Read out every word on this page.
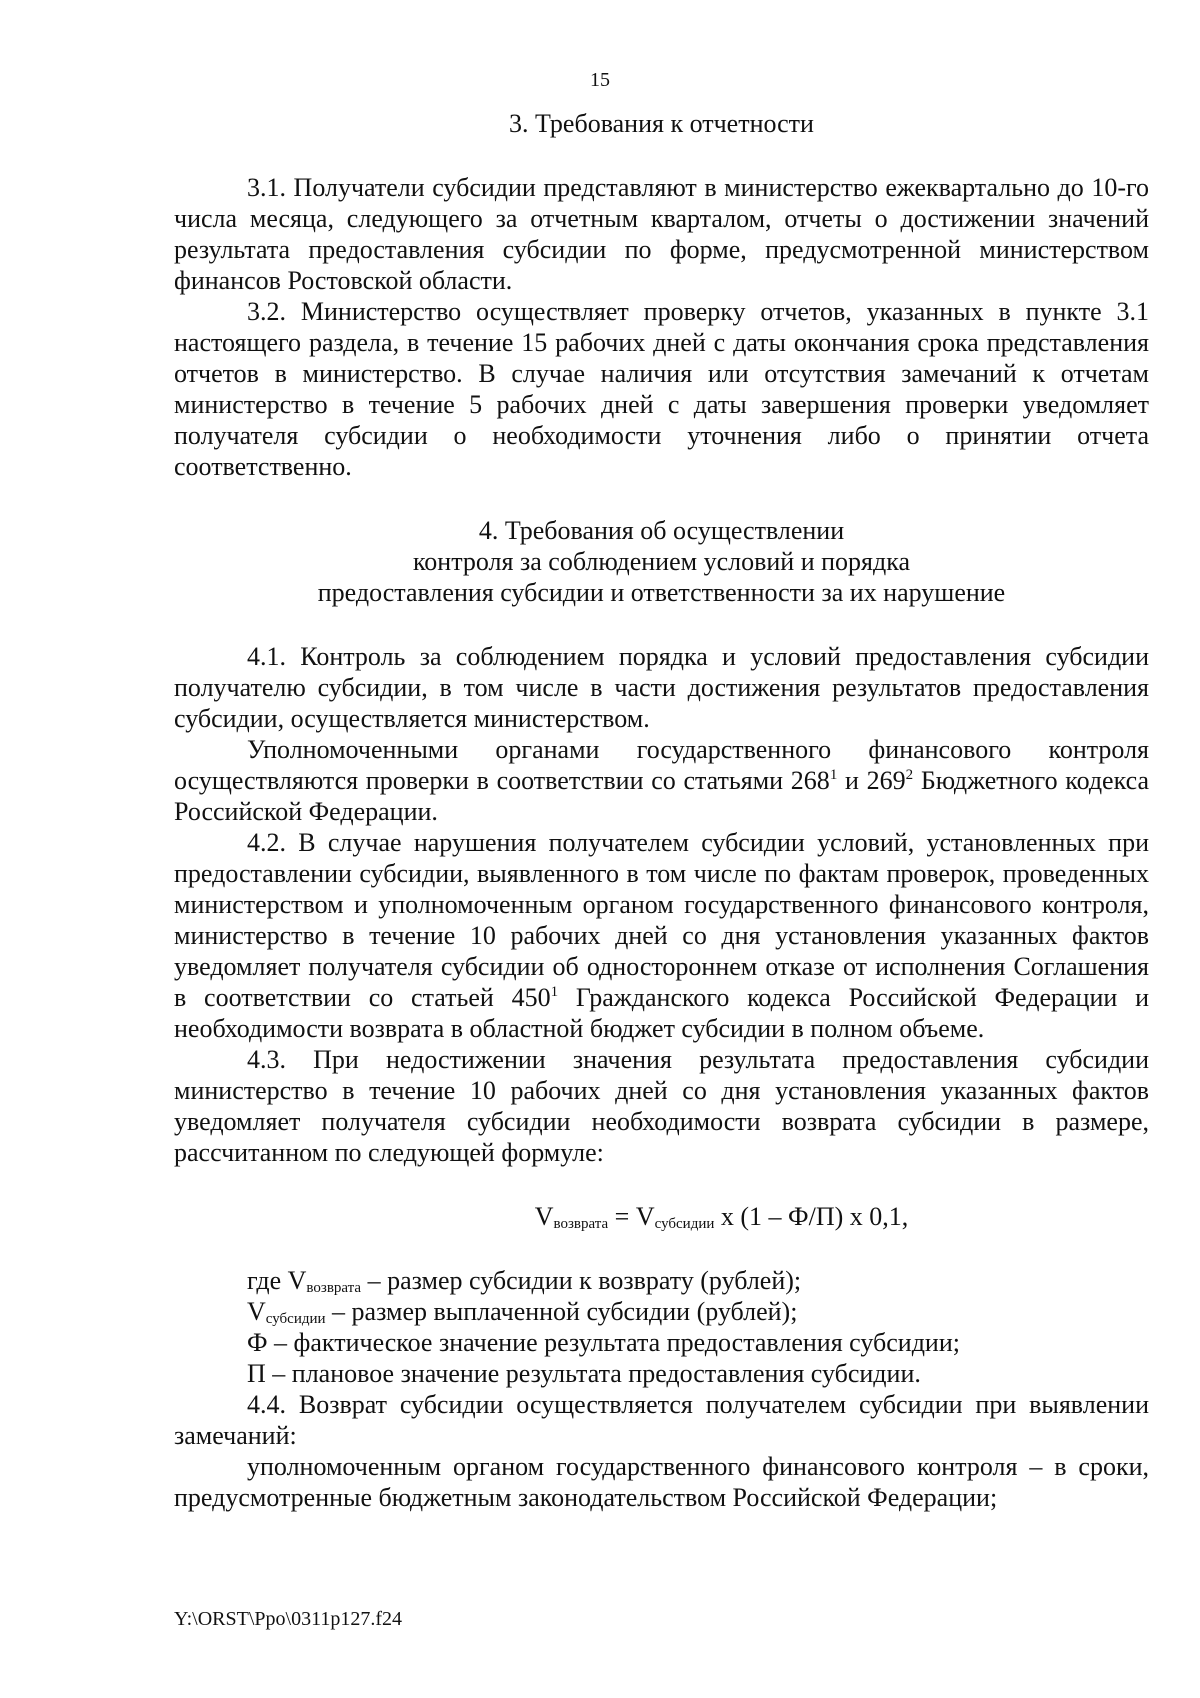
15

3. Требования к отчетности

3.1. Получатели субсидии представляют в министерство ежеквартально до 10-го числа месяца, следующего за отчетным кварталом, отчеты о достижении значений результата предоставления субсидии по форме, предусмотренной министерством финансов Ростовской области.

3.2. Министерство осуществляет проверку отчетов, указанных в пункте 3.1 настоящего раздела, в течение 15 рабочих дней с даты окончания срока представления отчетов в министерство. В случае наличия или отсутствия замечаний к отчетам министерство в течение 5 рабочих дней с даты завершения проверки уведомляет получателя субсидии о необходимости уточнения либо о принятии отчета соответственно.

4. Требования об осуществлении
контроля за соблюдением условий и порядка
предоставления субсидии и ответственности за их нарушение

4.1. Контроль за соблюдением порядка и условий предоставления субсидии получателю субсидии, в том числе в части достижения результатов предоставления субсидии, осуществляется министерством.

Уполномоченными органами государственного финансового контроля осуществляются проверки в соответствии со статьями $268^1$ и $269^2$ Бюджетного кодекса Российской Федерации.

4.2. В случае нарушения получателем субсидии условий, установленных при предоставлении субсидии, выявленного в том числе по фактам проверок, проведенных министерством и уполномоченным органом государственного финансового контроля, министерство в течение 10 рабочих дней со дня установления указанных фактов уведомляет получателя субсидии об одностороннем отказе от исполнения Соглашения в соответствии со статьей $450^1$ Гражданского кодекса Российской Федерации и необходимости возврата в областной бюджет субсидии в полном объеме.

4.3. При недостижении значения результата предоставления субсидии министерство в течение 10 рабочих дней со дня установления указанных фактов уведомляет получателя субсидии необходимости возврата субсидии в размере, рассчитанном по следующей формуле:

$V_{возврата} = V_{субсидии}$ х (1 – Ф/П) х 0,1,

где $V_{возврата}$ – размер субсидии к возврату (рублей);

$V_{субсидии}$ – размер выплаченной субсидии (рублей);

Ф – фактическое значение результата предоставления субсидии;

П – плановое значение результата предоставления субсидии.

4.4. Возврат субсидии осуществляется получателем субсидии при выявлении замечаний:

уполномоченным органом государственного финансового контроля – в сроки, предусмотренные бюджетным законодательством Российской Федерации;

Y:\ORST\Ppo\0311p127.f24
